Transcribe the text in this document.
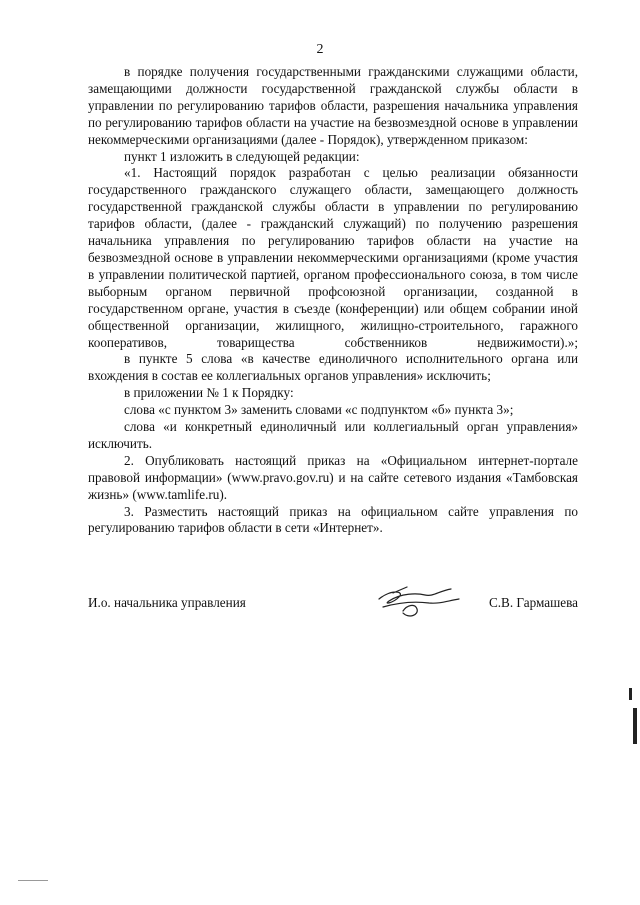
2

в порядке получения государственными гражданскими служащими области, замещающими должности государственной гражданской службы области в управлении по регулированию тарифов области, разрешения начальника управления по регулированию тарифов области на участие на безвозмездной основе в управлении некоммерческими организациями (далее - Порядок), утвержденном приказом:

пункт 1 изложить в следующей редакции:

«1. Настоящий порядок разработан с целью реализации обязанности государственного гражданского служащего области, замещающего должность государственной гражданской службы области в управлении по регулированию тарифов области, (далее - гражданский служащий) по получению разрешения начальника управления по регулированию тарифов области на участие на безвозмездной основе в управлении некоммерческими организациями (кроме участия в управлении политической партией, органом профессионального союза, в том числе выборным органом первичной профсоюзной организации, созданной в государственном органе, участия в съезде (конференции) или общем собрании иной общественной организации, жилищного, жилищно-строительного, гаражного кооперативов, товарищества собственников недвижимости).»;

в пункте 5 слова «в качестве единоличного исполнительного органа или вхождения в состав ее коллегиальных органов управления» исключить;

в приложении № 1 к Порядку:

слова «с пунктом 3» заменить словами «с подпунктом «б» пункта 3»;

слова «и конкретный единоличный или коллегиальный орган управления» исключить.

2. Опубликовать настоящий приказ на «Официальном интернет-портале правовой информации» (www.pravo.gov.ru) и на сайте сетевого издания «Тамбовская жизнь» (www.tamlife.ru).

3. Разместить настоящий приказ на официальном сайте управления по регулированию тарифов области в сети «Интернет».

И.о. начальника управления	С.В. Гармашева
